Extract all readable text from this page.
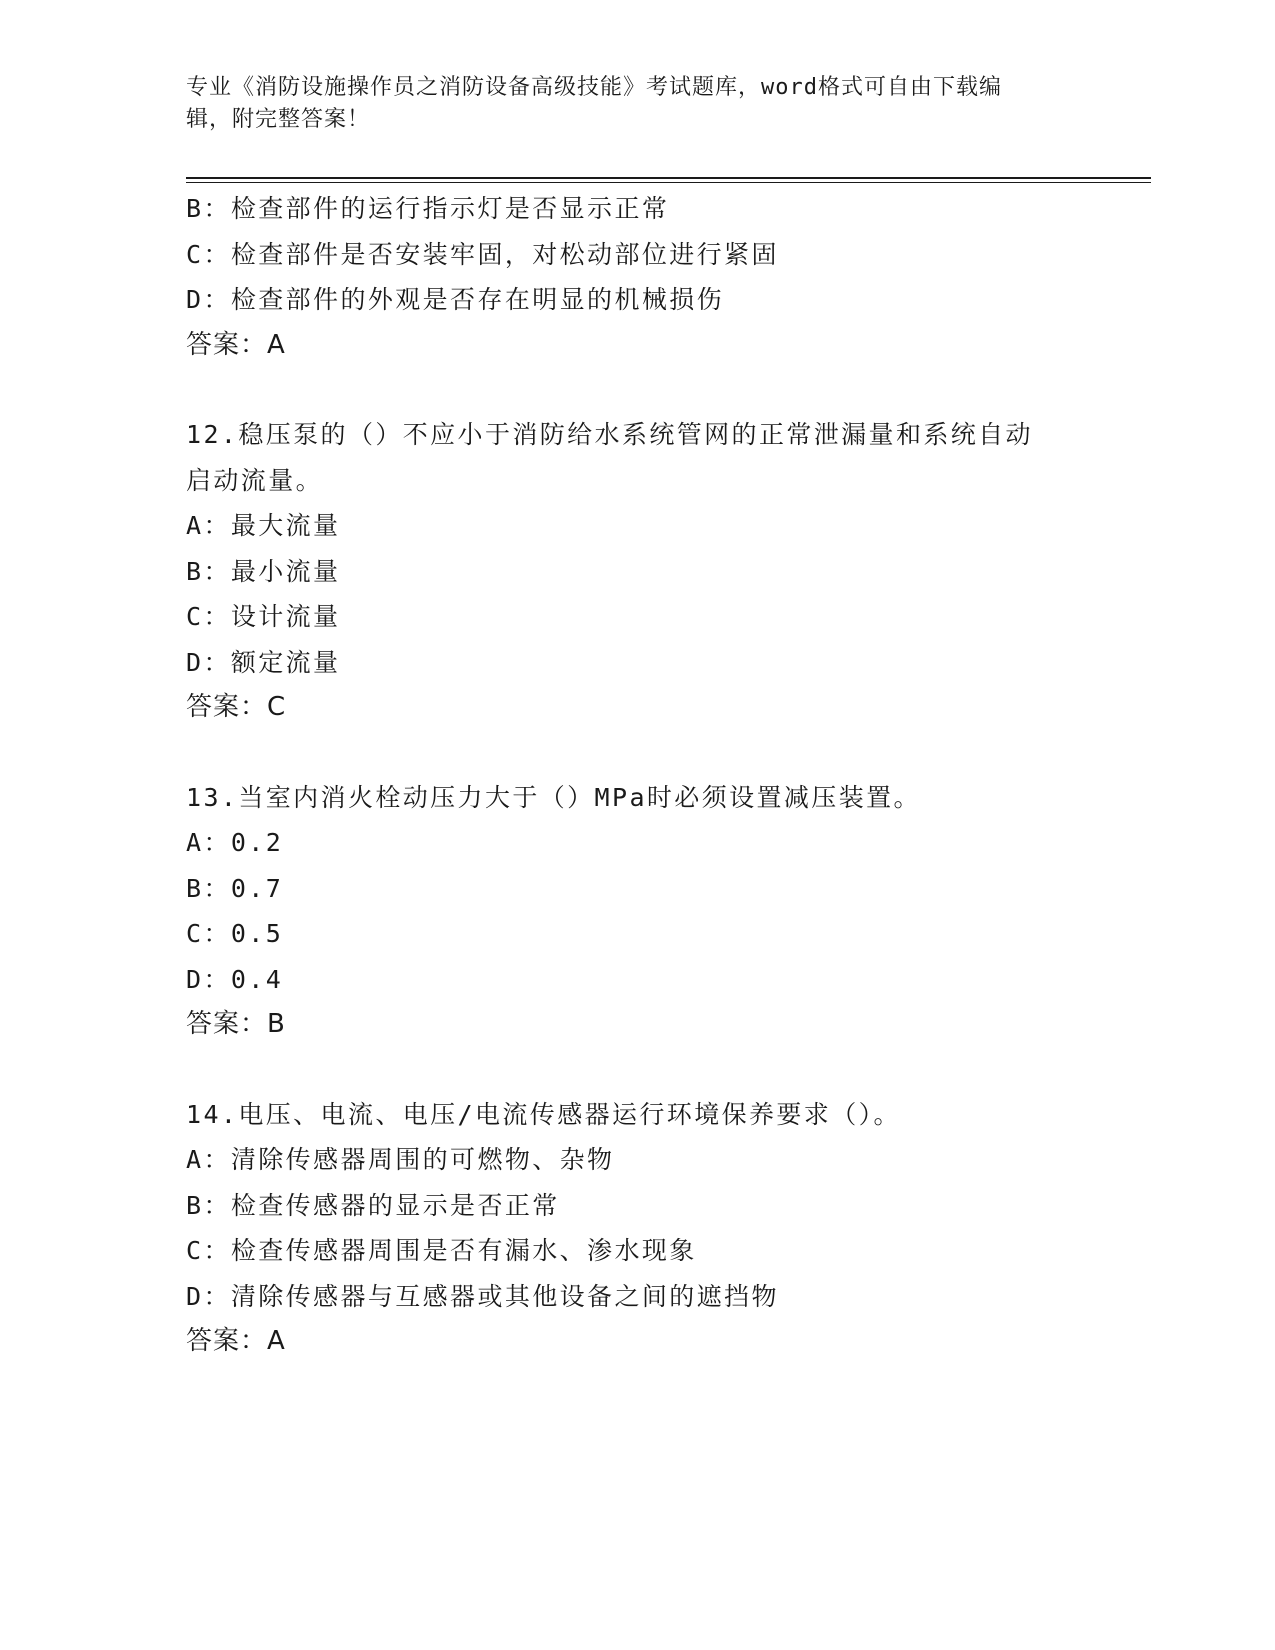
专业《消防设施操作员之消防设备高级技能》考试题库，word格式可自由下载编
辑，附完整答案！
B：检查部件的运行指示灯是否显示正常
C：检查部件是否安装牢固，对松动部位进行紧固
D：检查部件的外观是否存在明显的机械损伤
答案：A
12.稳压泵的（）不应小于消防给水系统管网的正常泄漏量和系统自动
启动流量。
A：最大流量
B：最小流量
C：设计流量
D：额定流量
答案：C
13.当室内消火栓动压力大于（）MPa时必须设置减压装置。
A：0.2
B：0.7
C：0.5
D：0.4
答案：B
14.电压、电流、电压/电流传感器运行环境保养要求（）。
A：清除传感器周围的可燃物、杂物
B：检查传感器的显示是否正常
C：检查传感器周围是否有漏水、渗水现象
D：清除传感器与互感器或其他设备之间的遮挡物
答案：A
